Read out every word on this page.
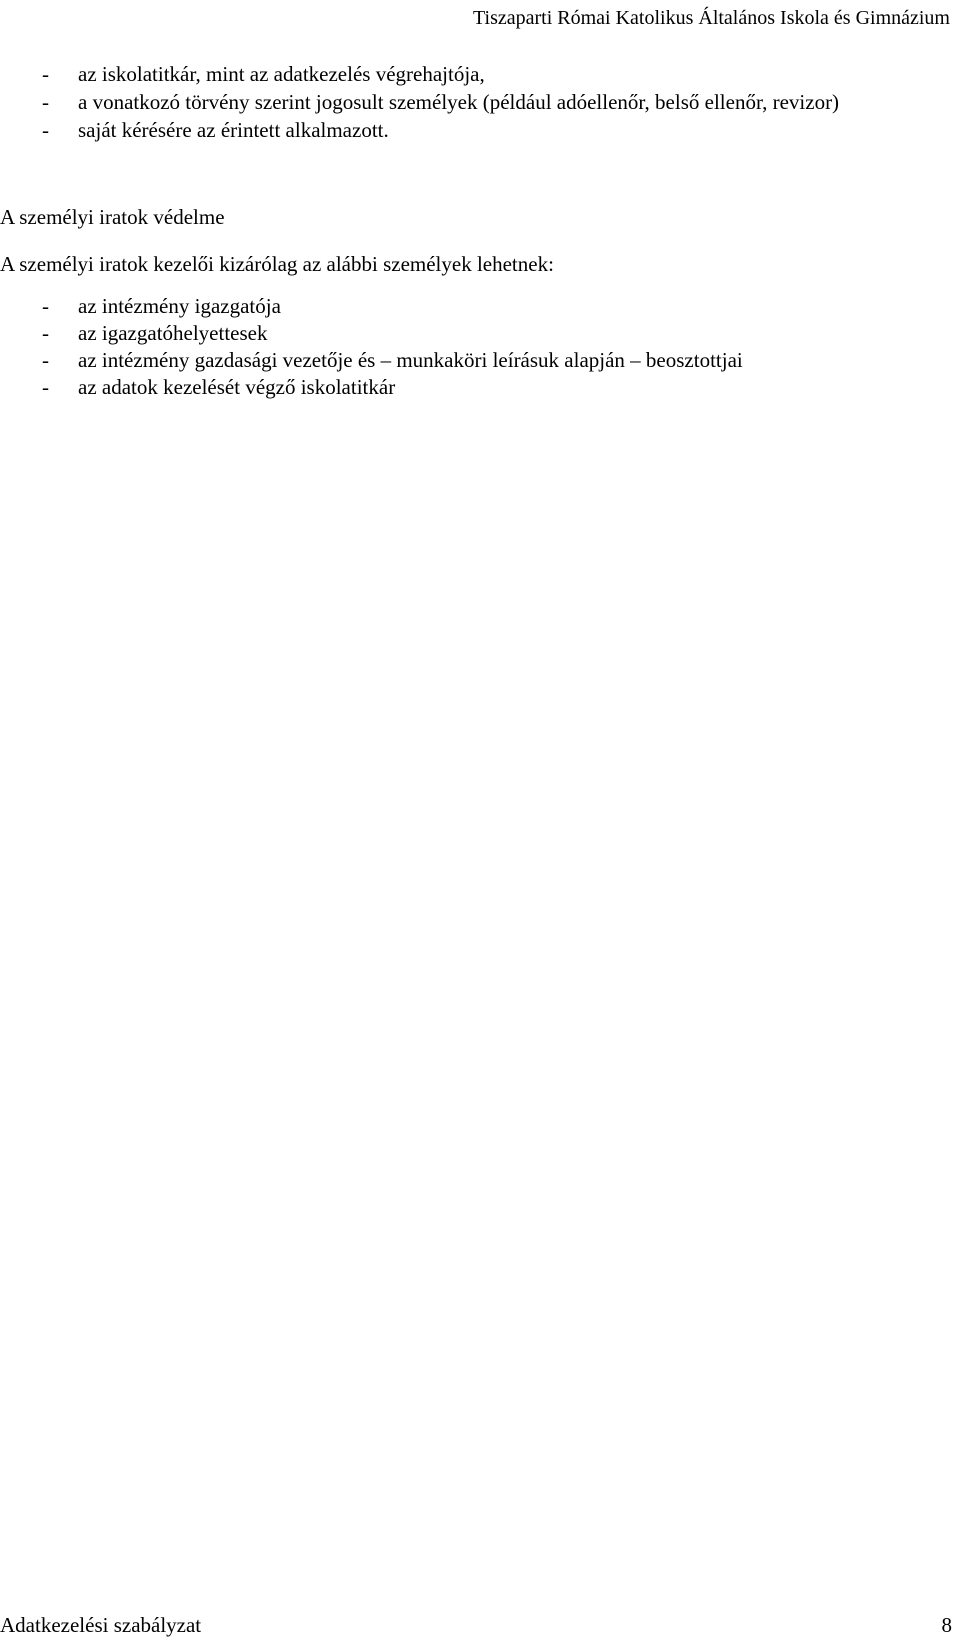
Tiszaparti Római Katolikus Általános Iskola és Gimnázium
- az iskolatitkár, mint az adatkezelés végrehajtója,
- a vonatkozó törvény szerint jogosult személyek (például adóellenőr, belső ellenőr, revizor)
- saját kérésére az érintett alkalmazott.
A személyi iratok védelme
A személyi iratok kezelői kizárólag az alábbi személyek lehetnek:
- az intézmény igazgatója
- az igazgatóhelyettesek
- az intézmény gazdasági vezetője és – munkaköri leírásuk alapján – beosztottjai
- az adatok kezelését végző iskolatitkár
Adatkezelési szabályzat	8
